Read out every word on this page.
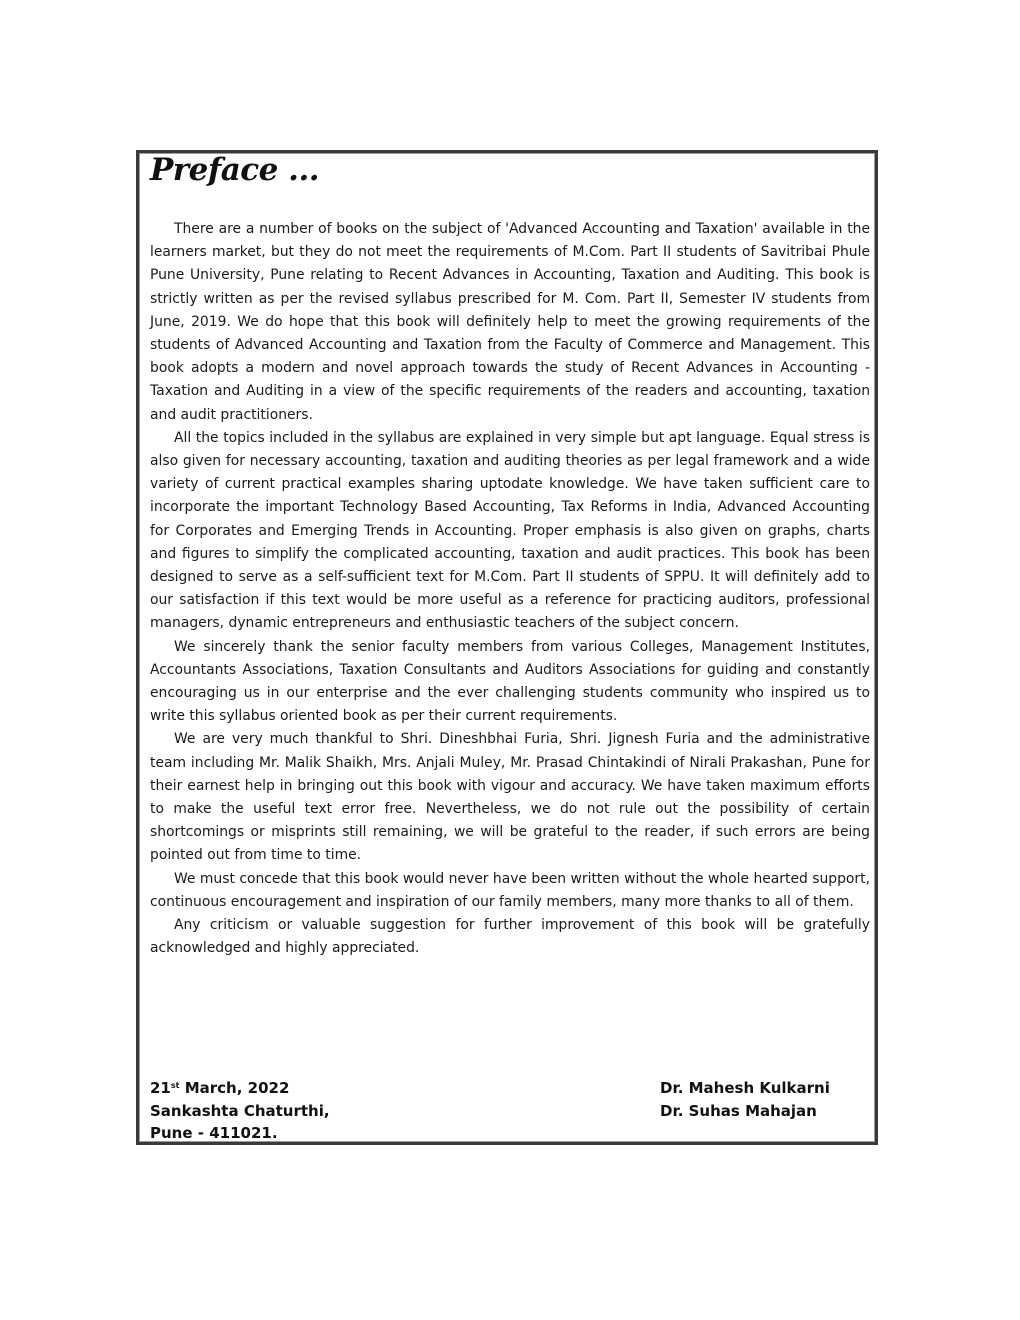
Preface ...

There are a number of books on the subject of 'Advanced Accounting and Taxation' available in the learners market, but they do not meet the requirements of M.Com. Part II students of Savitribai Phule Pune University, Pune relating to Recent Advances in Accounting, Taxation and Auditing. This book is strictly written as per the revised syllabus prescribed for M. Com. Part II, Semester IV students from June, 2019. We do hope that this book will definitely help to meet the growing requirements of the students of Advanced Accounting and Taxation from the Faculty of Commerce and Management. This book adopts a modern and novel approach towards the study of Recent Advances in Accounting - Taxation and Auditing in a view of the specific requirements of the readers and accounting, taxation and audit practitioners.

All the topics included in the syllabus are explained in very simple but apt language. Equal stress is also given for necessary accounting, taxation and auditing theories as per legal framework and a wide variety of current practical examples sharing uptodate knowledge. We have taken sufficient care to incorporate the important Technology Based Accounting, Tax Reforms in India, Advanced Accounting for Corporates and Emerging Trends in Accounting. Proper emphasis is also given on graphs, charts and figures to simplify the complicated accounting, taxation and audit practices. This book has been designed to serve as a self-sufficient text for M.Com. Part II students of SPPU. It will definitely add to our satisfaction if this text would be more useful as a reference for practicing auditors, professional managers, dynamic entrepreneurs and enthusiastic teachers of the subject concern.

We sincerely thank the senior faculty members from various Colleges, Management Institutes, Accountants Associations, Taxation Consultants and Auditors Associations for guiding and constantly encouraging us in our enterprise and the ever challenging students community who inspired us to write this syllabus oriented book as per their current requirements.

We are very much thankful to Shri. Dineshbhai Furia, Shri. Jignesh Furia and the administrative team including Mr. Malik Shaikh, Mrs. Anjali Muley, Mr. Prasad Chintakindi of Nirali Prakashan, Pune for their earnest help in bringing out this book with vigour and accuracy. We have taken maximum efforts to make the useful text error free. Nevertheless, we do not rule out the possibility of certain shortcomings or misprints still remaining, we will be grateful to the reader, if such errors are being pointed out from time to time.

We must concede that this book would never have been written without the whole hearted support, continuous encouragement and inspiration of our family members, many more thanks to all of them.

Any criticism or valuable suggestion for further improvement of this book will be gratefully acknowledged and highly appreciated.

21st March, 2022
Sankashta Chaturthi,
Pune - 411021.
Dr. Mahesh Kulkarni
Dr. Suhas Mahajan
